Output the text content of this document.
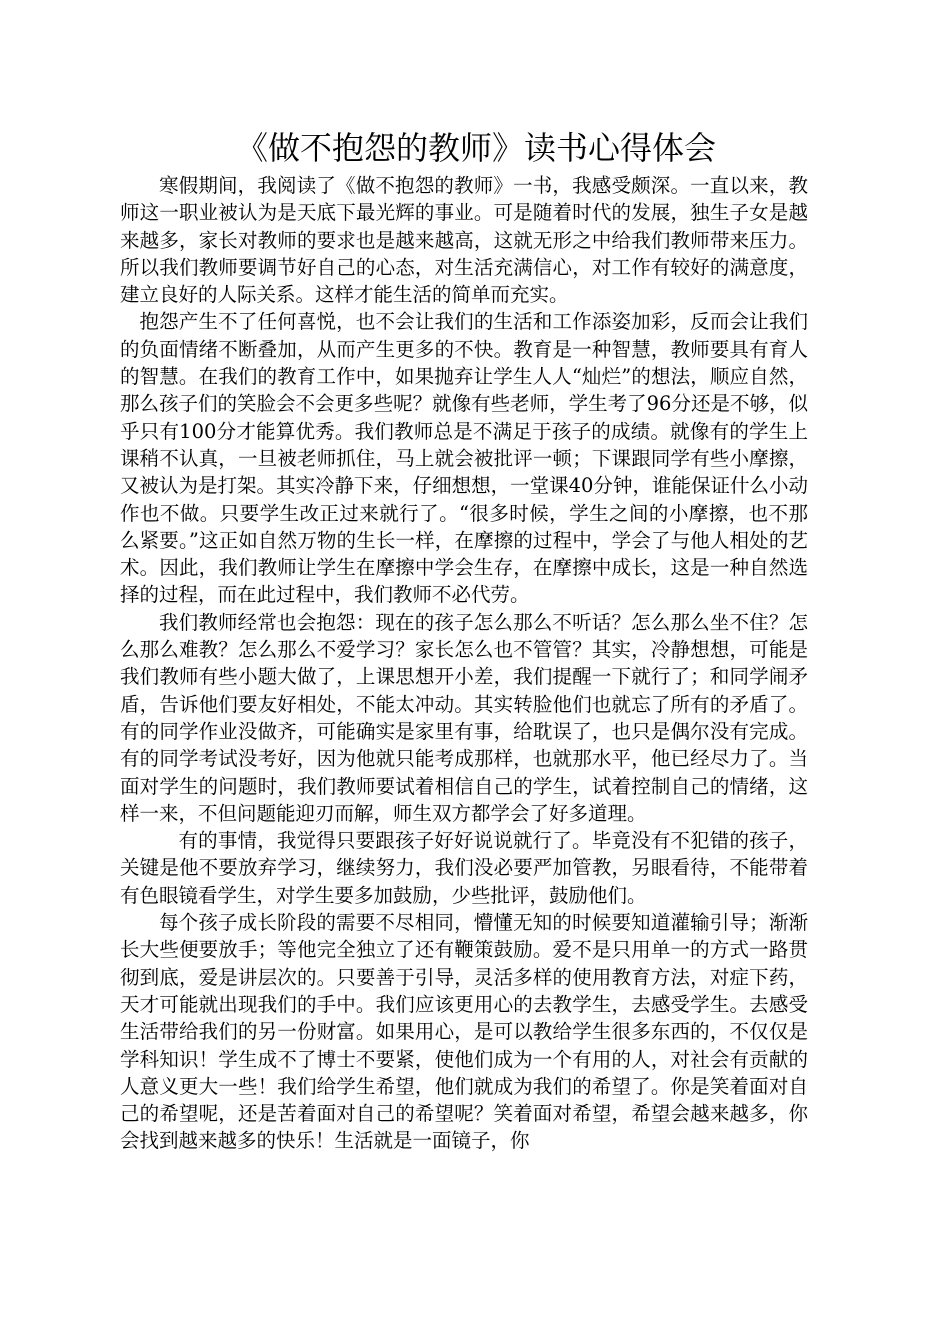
《做不抱怨的教师》读书心得体会

寒假期间，我阅读了《做不抱怨的教师》一书，我感受颇深。一直以来，教师这一职业被认为是天底下最光辉的事业。可是随着时代的发展，独生子女是越来越多，家长对教师的要求也是越来越高，这就无形之中给我们教师带来压力。所以我们教师要调节好自己的心态，对生活充满信心，对工作有较好的满意度，建立良好的人际关系。这样才能生活的简单而充实。

抱怨产生不了任何喜悦，也不会让我们的生活和工作添姿加彩，反而会让我们的负面情绪不断叠加，从而产生更多的不快。教育是一种智慧，教师要具有育人的智慧。在我们的教育工作中，如果抛弃让学生人人“灿烂”的想法，顺应自然，那么孩子们的笑脸会不会更多些呢？就像有些老师，学生考了96分还是不够，似乎只有100分才能算优秀。我们教师总是不满足于孩子的成绩。就像有的学生上课稍不认真，一旦被老师抓住，马上就会被批评一顿；下课跟同学有些小摩擦，又被认为是打架。其实冷静下来，仔细想想，一堂课40分钟，谁能保证什么小动作也不做。只要学生改正过来就行了。“很多时候，学生之间的小摩擦，也不那么紧要。”这正如自然万物的生长一样，在摩擦的过程中，学会了与他人相处的艺术。因此，我们教师让学生在摩擦中学会生存，在摩擦中成长，这是一种自然选择的过程，而在此过程中，我们教师不必代劳。

我们教师经常也会抱怨：现在的孩子怎么那么不听话？怎么那么坐不住？怎么那么难教？怎么那么不爱学习？家长怎么也不管管？其实，冷静想想，可能是我们教师有些小题大做了，上课思想开小差，我们提醒一下就行了；和同学闹矛盾，告诉他们要友好相处，不能太冲动。其实转脸他们也就忘了所有的矛盾了。有的同学作业没做齐，可能确实是家里有事，给耽误了，也只是偶尔没有完成。有的同学考试没考好，因为他就只能考成那样，也就那水平，他已经尽力了。当面对学生的问题时，我们教师要试着相信自己的学生，试着控制自己的情绪，这样一来，不但问题能迎刃而解，师生双方都学会了好多道理。

有的事情，我觉得只要跟孩子好好说说就行了。毕竟没有不犯错的孩子，关键是他不要放弃学习，继续努力，我们没必要严加管教，另眼看待，不能带着有色眼镜看学生，对学生要多加鼓励，少些批评，鼓励他们。

每个孩子成长阶段的需要不尽相同，懵懂无知的时候要知道灌输引导；渐渐长大些便要放手；等他完全独立了还有鞭策鼓励。爱不是只用单一的方式一路贯彻到底，爱是讲层次的。只要善于引导，灵活多样的使用教育方法，对症下药，天才可能就出现我们的手中。我们应该更用心的去教学生，去感受学生。去感受生活带给我们的另一份财富。如果用心，是可以教给学生很多东西的，不仅仅是学科知识！学生成不了博士不要紧，使他们成为一个有用的人，对社会有贡献的人意义更大一些！我们给学生希望，他们就成为我们的希望了。你是笑着面对自己的希望呢，还是苦着面对自己的希望呢？笑着面对希望，希望会越来越多，你会找到越来越多的快乐！生活就是一面镜子，你
